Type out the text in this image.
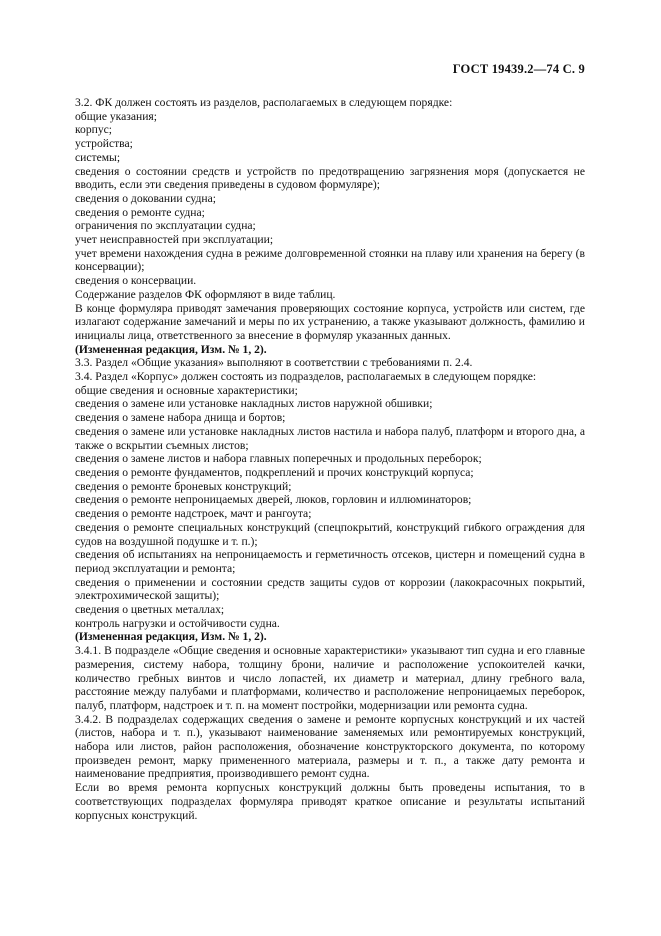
ГОСТ 19439.2—74 С. 9

3.2. ФК должен состоять из разделов, располагаемых в следующем порядке:

общие указания;

корпус;

устройства;

системы;

сведения о состоянии средств и устройств по предотвращению загрязнения моря (допускается не вводить, если эти сведения приведены в судовом формуляре);

сведения о доковании судна;

сведения о ремонте судна;

ограничения по эксплуатации судна;

учет неисправностей при эксплуатации;

учет времени нахождения судна в режиме долговременной стоянки на плаву или хранения на берегу (в консервации);

сведения о консервации.

Содержание разделов ФК оформляют в виде таблиц.

В конце формуляра приводят замечания проверяющих состояние корпуса, устройств или систем, где излагают содержание замечаний и меры по их устранению, а также указывают должность, фамилию и инициалы лица, ответственного за внесение в формуляр указанных данных.

(Измененная редакция, Изм. № 1, 2).

3.3. Раздел «Общие указания» выполняют в соответствии с требованиями п. 2.4.

3.4. Раздел «Корпус» должен состоять из подразделов, располагаемых в следующем порядке:

общие сведения и основные характеристики;

сведения о замене или установке накладных листов наружной обшивки;

сведения о замене набора днища и бортов;

сведения о замене или установке накладных листов настила и набора палуб, платформ и второго дна, а также о вскрытии съемных листов;

сведения о замене листов и набора главных поперечных и продольных переборок;

сведения о ремонте фундаментов, подкреплений и прочих конструкций корпуса;

сведения о ремонте броневых конструкций;

сведения о ремонте непроницаемых дверей, люков, горловин и иллюминаторов;

сведения о ремонте надстроек, мачт и рангоута;

сведения о ремонте специальных конструкций (спецпокрытий, конструкций гибкого ограждения для судов на воздушной подушке и т. п.);

сведения об испытаниях на непроницаемость и герметичность отсеков, цистерн и помещений судна в период эксплуатации и ремонта;

сведения о применении и состоянии средств защиты судов от коррозии (лакокрасочных покрытий, электрохимической защиты);

сведения о цветных металлах;

контроль нагрузки и остойчивости судна.

(Измененная редакция, Изм. № 1, 2).

3.4.1. В подразделе «Общие сведения и основные характеристики» указывают тип судна и его главные размерения, систему набора, толщину брони, наличие и расположение успокоителей качки, количество гребных винтов и число лопастей, их диаметр и материал, длину гребного вала, расстояние между палубами и платформами, количество и расположение непроницаемых переборок, палуб, платформ, надстроек и т. п. на момент постройки, модернизации или ремонта судна.

3.4.2. В подразделах содержащих сведения о замене и ремонте корпусных конструкций и их частей (листов, набора и т. п.), указывают наименование заменяемых или ремонтируемых конструкций, набора или листов, район расположения, обозначение конструкторского документа, по которому произведен ремонт, марку примененного материала, размеры и т. п., а также дату ремонта и наименование предприятия, производившего ремонт судна.

Если во время ремонта корпусных конструкций должны быть проведены испытания, то в соответствующих подразделах формуляра приводят краткое описание и результаты испытаний корпусных конструкций.
